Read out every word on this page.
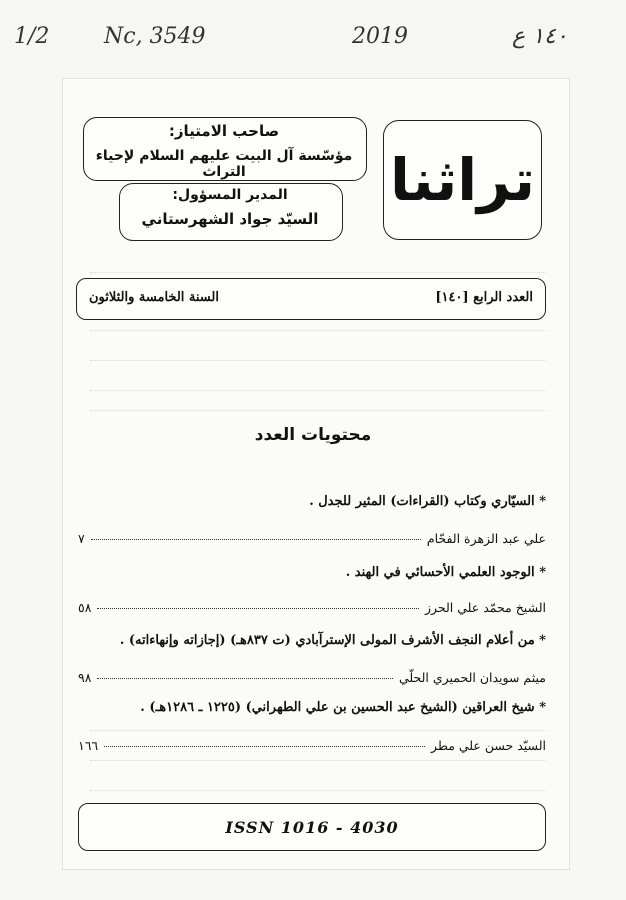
1/2 Nc, 3549	2019	١٤٠ ع
تراثنا
صاحب الامتياز:
مؤسّسة آل البيت عليهم السلام لإحياء التراث
المدير المسؤول:
السيّد جواد الشهرستاني
العدد الرابع [١٤٠]
السنة الخامسة والثلاثون
محتويات العدد
* السيّاري وكتاب (القراءات) المثير للجدل .
علي عبد الزهرة الفحّام
٧
* الوجود العلمي الأحسائي في الهند .
الشيخ محمّد علي الحرز
٥٨
* من أعلام النجف الأشرف المولى الإسترآبادي (ت ٨٣٧هـ) (إجازاته وإنهاءاته) .
ميثم سويدان الحميري الحلّي
٩٨
* شيخ العراقين (الشيخ عبد الحسين بن علي الطهراني) (١٢٢٥ ـ ١٢٨٦هـ) .
السيّد حسن علي مطر
١٦٦
ISSN 1016 - 4030
